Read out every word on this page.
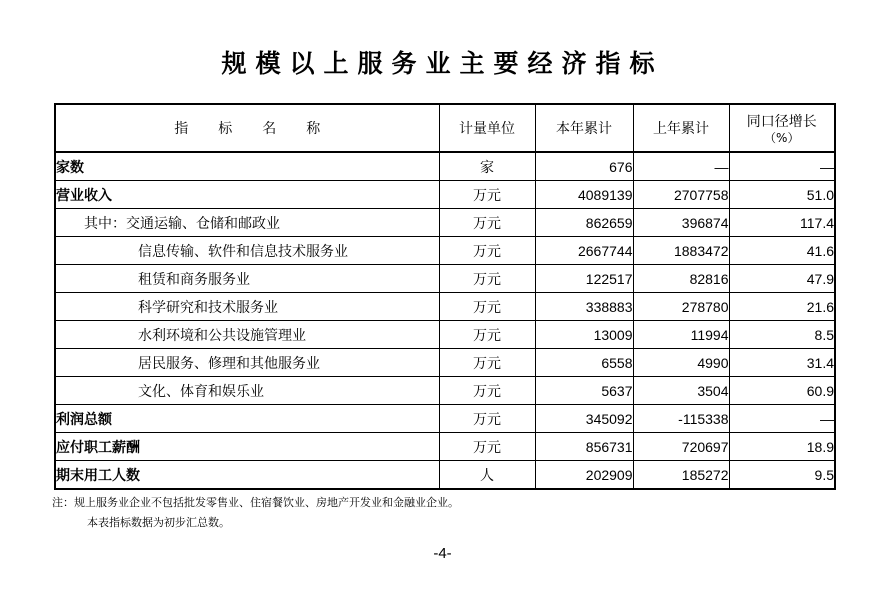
规模以上服务业主要经济指标
指标名称	计量单位	本年累计	上年累计	同口径增长
（%）

家数	家	676	—	—
营业收入	万元	4089139	2707758	51.0
其中：交通运输、仓储和邮政业	万元	862659	396874	117.4
信息传输、软件和信息技术服务业	万元	2667744	1883472	41.6
租赁和商务服务业	万元	122517	82816	47.9
科学研究和技术服务业	万元	338883	278780	21.6
水利环境和公共设施管理业	万元	13009	11994	8.5
居民服务、修理和其他服务业	万元	6558	4990	31.4
文化、体育和娱乐业	万元	5637	3504	60.9
利润总额	万元	345092	-115338	—
应付职工薪酬	万元	856731	720697	18.9
期末用工人数	人	202909	185272	9.5
注：规上服务业企业不包括批发零售业、住宿餐饮业、房地产开发业和金融业企业。
本表指标数据为初步汇总数。
-4-
